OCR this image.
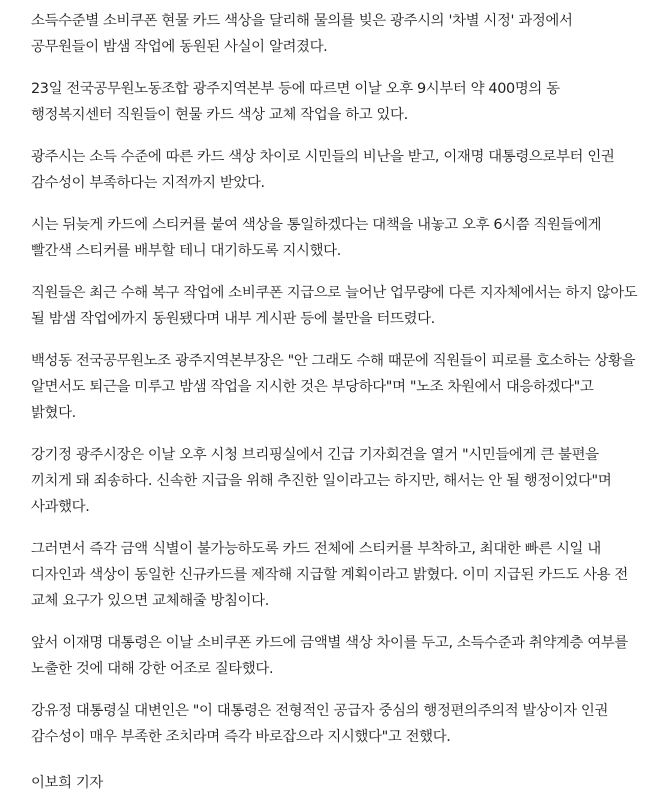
소득수준별 소비쿠폰 현물 카드 색상을 달리해 물의를 빚은 광주시의 '차별 시정' 과정에서 공무원들이 밤샘 작업에 동원된 사실이 알려졌다.

23일 전국공무원노동조합 광주지역본부 등에 따르면 이날 오후 9시부터 약 400명의 동 행정복지센터 직원들이 현물 카드 색상 교체 작업을 하고 있다.

광주시는 소득 수준에 따른 카드 색상 차이로 시민들의 비난을 받고, 이재명 대통령으로부터 인권 감수성이 부족하다는 지적까지 받았다.

시는 뒤늦게 카드에 스티커를 붙여 색상을 통일하겠다는 대책을 내놓고 오후 6시쯤 직원들에게 빨간색 스티커를 배부할 테니 대기하도록 지시했다.

직원들은 최근 수해 복구 작업에 소비쿠폰 지급으로 늘어난 업무량에 다른 지자체에서는 하지 않아도 될 밤샘 작업에까지 동원됐다며 내부 게시판 등에 불만을 터뜨렸다.

백성동 전국공무원노조 광주지역본부장은 "안 그래도 수해 때문에 직원들이 피로를 호소하는 상황을 알면서도 퇴근을 미루고 밤샘 작업을 지시한 것은 부당하다"며 "노조 차원에서 대응하겠다"고 밝혔다.

강기정 광주시장은 이날 오후 시청 브리핑실에서 긴급 기자회견을 열거 "시민들에게 큰 불편을 끼치게 돼 죄송하다. 신속한 지급을 위해 추진한 일이라고는 하지만, 해서는 안 될 행정이었다"며 사과했다.

그러면서 즉각 금액 식별이 불가능하도록 카드 전체에 스티커를 부착하고, 최대한 빠른 시일 내 디자인과 색상이 동일한 신규카드를 제작해 지급할 계획이라고 밝혔다. 이미 지급된 카드도 사용 전 교체 요구가 있으면 교체해줄 방침이다.

앞서 이재명 대통령은 이날 소비쿠폰 카드에 금액별 색상 차이를 두고, 소득수준과 취약계층 여부를 노출한 것에 대해 강한 어조로 질타했다.

강유정 대통령실 대변인은 "이 대통령은 전형적인 공급자 중심의 행정편의주의적 발상이자 인권 감수성이 매우 부족한 조치라며 즉각 바로잡으라 지시했다"고 전했다.

이보희 기자
